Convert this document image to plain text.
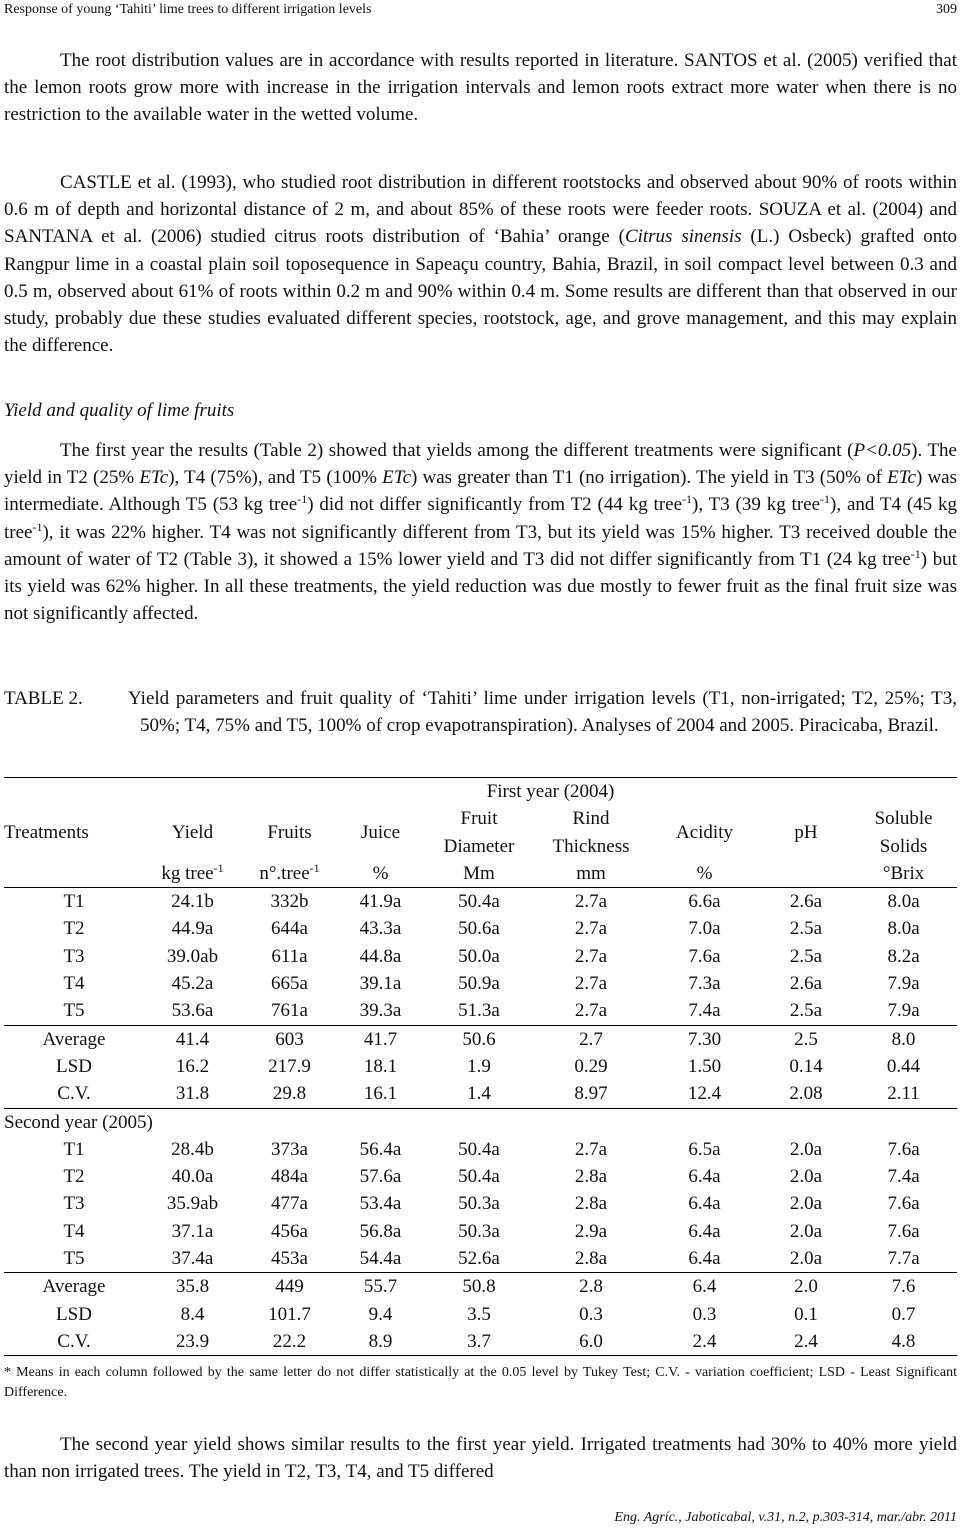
Response of young ‘Tahiti’ lime trees to different irrigation levels	309
The root distribution values are in accordance with results reported in literature. SANTOS et al. (2005) verified that the lemon roots grow more with increase in the irrigation intervals and lemon roots extract more water when there is no restriction to the available water in the wetted volume.
CASTLE et al. (1993), who studied root distribution in different rootstocks and observed about 90% of roots within 0.6 m of depth and horizontal distance of 2 m, and about 85% of these roots were feeder roots. SOUZA et al. (2004) and SANTANA et al. (2006) studied citrus roots distribution of ‘Bahia’ orange (Citrus sinensis (L.) Osbeck) grafted onto Rangpur lime in a coastal plain soil toposequence in Sapeaçu country, Bahia, Brazil, in soil compact level between 0.3 and 0.5 m, observed about 61% of roots within 0.2 m and 90% within 0.4 m. Some results are different than that observed in our study, probably due these studies evaluated different species, rootstock, age, and grove management, and this may explain the difference.
Yield and quality of lime fruits
The first year the results (Table 2) showed that yields among the different treatments were significant (P<0.05). The yield in T2 (25% ETc), T4 (75%), and T5 (100% ETc) was greater than T1 (no irrigation). The yield in T3 (50% of ETc) was intermediate. Although T5 (53 kg tree$^{-1}$) did not differ significantly from T2 (44 kg tree$^{-1}$), T3 (39 kg tree$^{-1}$), and T4 (45 kg tree$^{-1}$), it was 22% higher. T4 was not significantly different from T3, but its yield was 15% higher. T3 received double the amount of water of T2 (Table 3), it showed a 15% lower yield and T3 did not differ significantly from T1 (24 kg tree$^{-1}$) but its yield was 62% higher. In all these treatments, the yield reduction was due mostly to fewer fruit as the final fruit size was not significantly affected.
TABLE 2. Yield parameters and fruit quality of ‘Tahiti’ lime under irrigation levels (T1, non-irrigated; T2, 25%; T3, 50%; T4, 75% and T5, 100% of crop evapotranspiration). Analyses of 2004 and 2005. Piracicaba, Brazil.
	First year (2004)							
Treatments	Yield	Fruits	Juice	Fruit	Rind	Acidity	pH	Soluble
				Diameter	Thickness			Solids
	kg tree$^{-1}$	n°.tree$^{-1}$	%	Mm	mm	%		°Brix
T1	24.1b	332b	41.9a	50.4a	2.7a	6.6a	2.6a	8.0a
T2	44.9a	644a	43.3a	50.6a	2.7a	7.0a	2.5a	8.0a
T3	39.0ab	611a	44.8a	50.0a	2.7a	7.6a	2.5a	8.2a
T4	45.2a	665a	39.1a	50.9a	2.7a	7.3a	2.6a	7.9a
T5	53.6a	761a	39.3a	51.3a	2.7a	7.4a	2.5a	7.9a
Average	41.4	603	41.7	50.6	2.7	7.30	2.5	8.0
LSD	16.2	217.9	18.1	1.9	0.29	1.50	0.14	0.44
C.V.	31.8	29.8	16.1	1.4	8.97	12.4	2.08	2.11
Second year (2005)								
T1	28.4b	373a	56.4a	50.4a	2.7a	6.5a	2.0a	7.6a
T2	40.0a	484a	57.6a	50.4a	2.8a	6.4a	2.0a	7.4a
T3	35.9ab	477a	53.4a	50.3a	2.8a	6.4a	2.0a	7.6a
T4	37.1a	456a	56.8a	50.3a	2.9a	6.4a	2.0a	7.6a
T5	37.4a	453a	54.4a	52.6a	2.8a	6.4a	2.0a	7.7a
Average	35.8	449	55.7	50.8	2.8	6.4	2.0	7.6
LSD	8.4	101.7	9.4	3.5	0.3	0.3	0.1	0.7
C.V.	23.9	22.2	8.9	3.7	6.0	2.4	2.4	4.8
* Means in each column followed by the same letter do not differ statistically at the 0.05 level by Tukey Test; C.V. - variation coefficient; LSD - Least Significant Difference.
The second year yield shows similar results to the first year yield. Irrigated treatments had 30% to 40% more yield than non irrigated trees. The yield in T2, T3, T4, and T5 differed
Eng. Agríc., Jaboticabal, v.31, n.2, p.303-314, mar./abr. 2011
